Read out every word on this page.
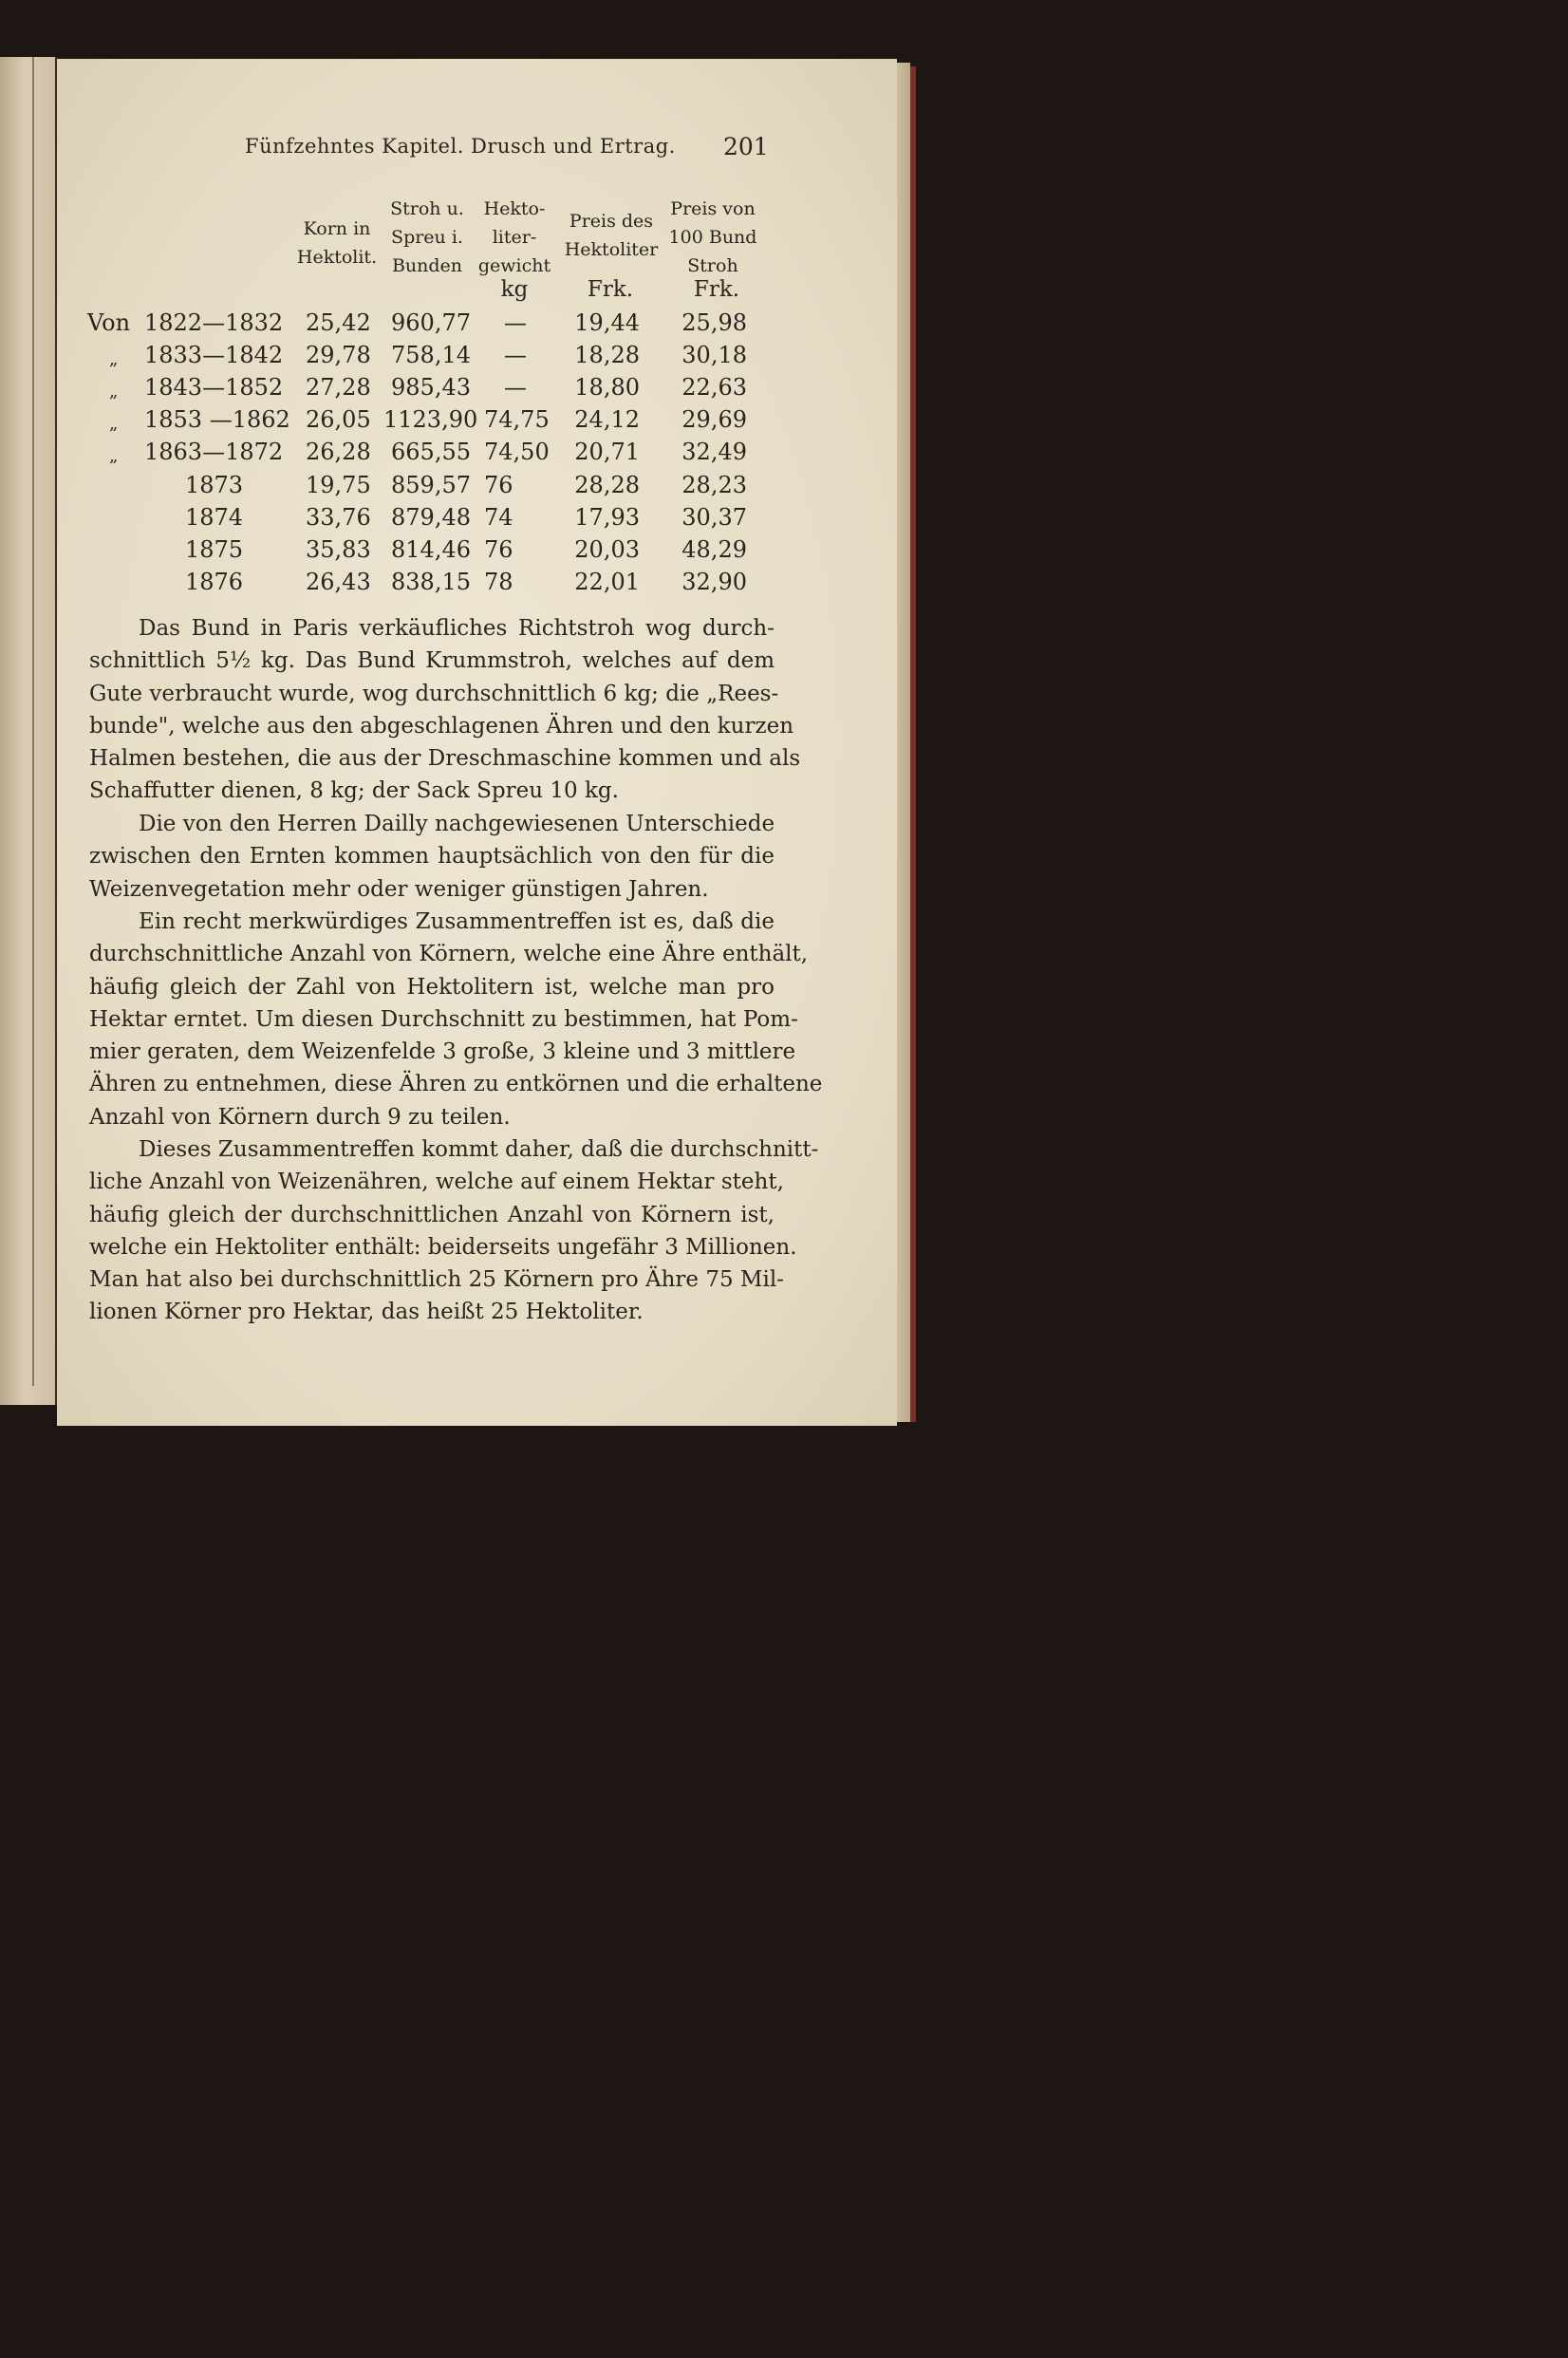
Fünfzehntes Kapitel. Drusch und Ertrag. 201
Korn in
Hektolit.
Stroh u.
Spreu i.
Bunden
Hekto-
liter-
gewicht
Preis des
Hektoliter
Preis von
100 Bund
Stroh
kg	Frk.	Frk.
Von 1822—1832 25,42 960,77	—	19,44 25,98
„ 1833—1842 29,78 758,14	—	18,28 30,18
„ 1843—1852 27,28 985,43	—	18,80 22,63
„ 1853 —1862 26,05 1123,90 74,75 24,12 29,69
„ 1863—1872 26,28 665,55 74,50 20,71 32,49
1873	19,75 859,57 76	28,28 28,23
1874	33,76 879,48 74	17,93 30,37
1875	35,83 814,46 76	20,03 48,29
1876	26,43 838,15 78	22,01 32,90
Das Bund in Paris verkäufliches Richtstroh wog durch-
schnittlich 5½ kg. Das Bund Krummstroh, welches auf dem
Gute verbraucht wurde, wog durchschnittlich 6 kg; die „Rees-
bunde", welche aus den abgeschlagenen Ähren und den kurzen
Halmen bestehen, die aus der Dreschmaschine kommen und als
Schaffutter dienen, 8 kg; der Sack Spreu 10 kg.
Die von den Herren Dailly nachgewiesenen Unterschiede
zwischen den Ernten kommen hauptsächlich von den für die
Weizenvegetation mehr oder weniger günstigen Jahren.
Ein recht merkwürdiges Zusammentreffen ist es, daß die
durchschnittliche Anzahl von Körnern, welche eine Ähre enthält,
häufig gleich der Zahl von Hektolitern ist, welche man pro
Hektar erntet. Um diesen Durchschnitt zu bestimmen, hat Pom-
mier geraten, dem Weizenfelde 3 große, 3 kleine und 3 mittlere
Ähren zu entnehmen, diese Ähren zu entkörnen und die erhaltene
Anzahl von Körnern durch 9 zu teilen.
Dieses Zusammentreffen kommt daher, daß die durchschnitt-
liche Anzahl von Weizenähren, welche auf einem Hektar steht,
häufig gleich der durchschnittlichen Anzahl von Körnern ist,
welche ein Hektoliter enthält: beiderseits ungefähr 3 Millionen.
Man hat also bei durchschnittlich 25 Körnern pro Ähre 75 Mil-
lionen Körner pro Hektar, das heißt 25 Hektoliter.
